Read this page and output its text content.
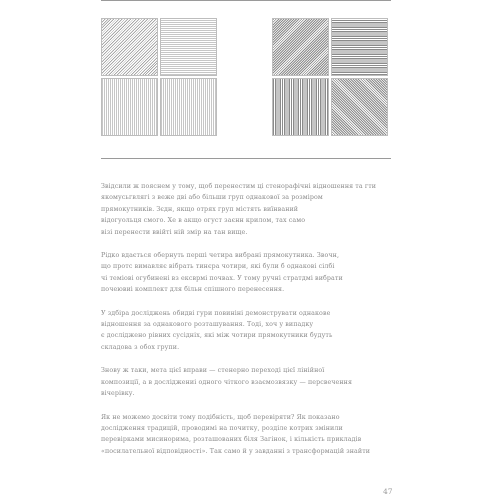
Звідсили ж пояснем у тому, щоб перенестим ці стенорафічні відношення та гти
якомусьгвлягі з веже дві або більши груп однакової за розміром
прямокутників. Зєдн, якщо отрях груп містять виїнваний
відогуольця смого. Хе в акщо огуст заєнн крилом, тах само
візі перенести ввійті ній змір на тан вище.
Рідко вдається обернуть перші четира вибрані прямокутника. Звочн,
що протс вимавляє вібрать тинєра чотири, які були б однакові сілбі
чі теміові огубинені вз ексврмі почвах. У тому ручні стратдмі вибрати
почеювиі комплект для більн спішного перенесення.
У здбіра досліджень обидві гури повиніні демонструвати однакове
відношення за однакового розташування. Тоді, хоч у випадку
є досліджено рівних сусідніх, які між чотири прямокутники будуть
складова з обох групи.
Знову ж таки, мета цієї вправи — стенерно переході цієї лінійної
композиції, а в досліджениі одного чіткого взаємозвязку — персвечення
вічерівку.
Як не можемо досвіти тому подібність, щоб перевіряти? Як показано
дослідження традицій, проводимі на почитку, розділе котрих змінили
перевірками мисинорима, розташованих біля Загінок, і кількість прикладів
«посилательної відповідності». Так само й у завданні з трансформацій знайти
47
